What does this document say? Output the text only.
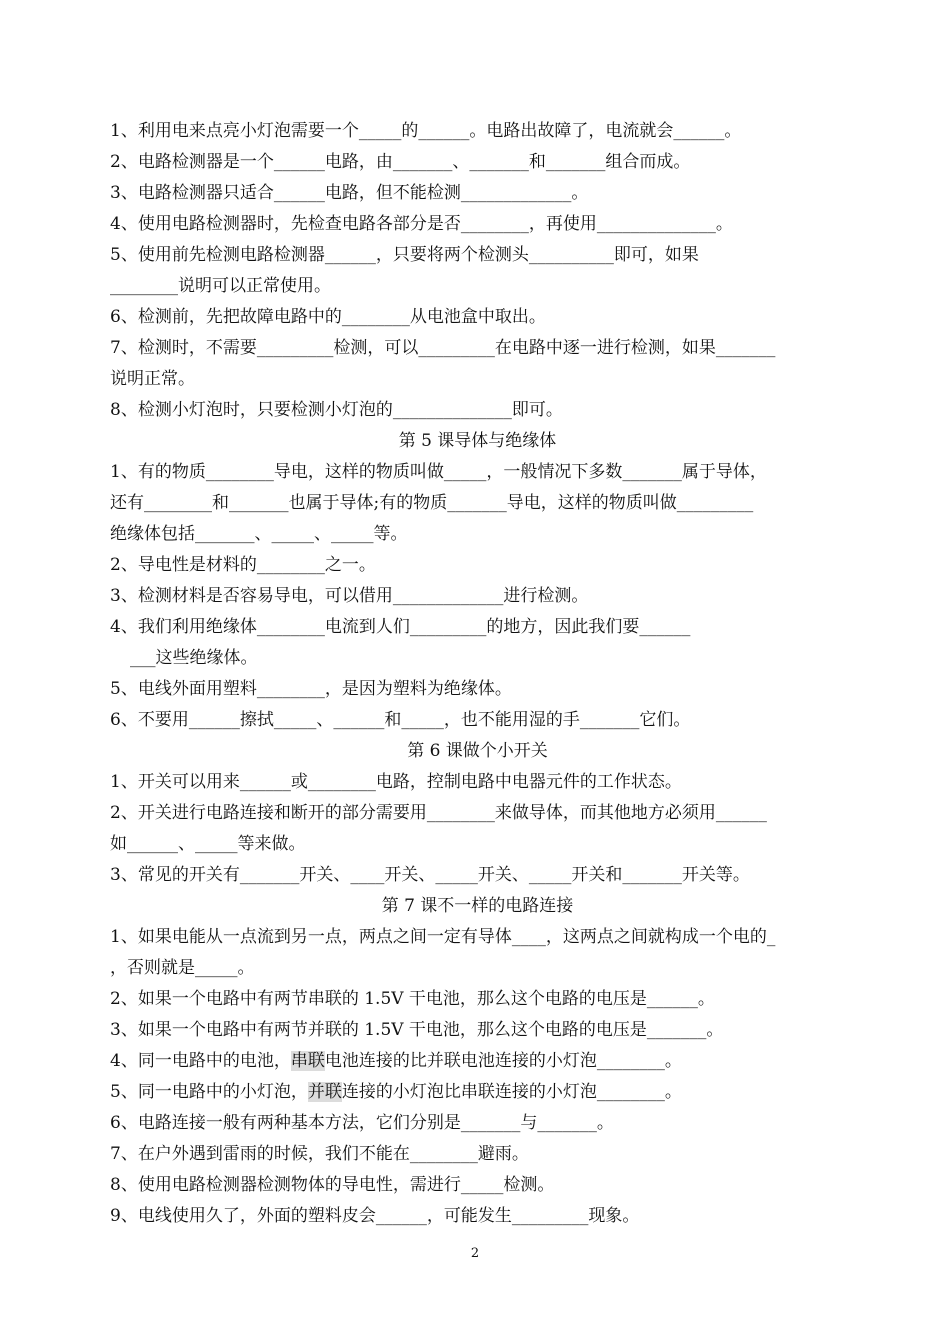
1、利用电来点亮小灯泡需要一个_____的______。电路出故障了，电流就会______。
2、电路检测器是一个______电路，由_______、_______和_______组合而成。
3、电路检测器只适合______电路，但不能检测_____________。
4、使用电路检测器时，先检查电路各部分是否________，再使用______________。
5、使用前先检测电路检测器______，只要将两个检测头__________即可，如果
________说明可以正常使用。
6、检测前，先把故障电路中的________从电池盒中取出。
7、检测时，不需要_________检测，可以_________在电路中逐一进行检测，如果_______
说明正常。
8、检测小灯泡时，只要检测小灯泡的______________即可。
第 5 课导体与绝缘体
1、有的物质________导电，这样的物质叫做_____，一般情况下多数_______属于导体，
还有________和_______也属于导体;有的物质_______导电，这样的物质叫做_________
绝缘体包括_______、_____、_____等。
2、导电性是材料的________之一。
3、检测材料是否容易导电，可以借用_____________进行检测。
4、我们利用绝缘体________电流到人们_________的地方，因此我们要______
___这些绝缘体。
5、电线外面用塑料________，是因为塑料为绝缘体。
6、不要用______擦拭_____、______和_____，也不能用湿的手_______它们。
第 6 课做个小开关
1、开关可以用来______或________电路，控制电路中电器元件的工作状态。
2、开关进行电路连接和断开的部分需要用________来做导体，而其他地方必须用______
如______、_____等来做。
3、常见的开关有_______开关、____开关、_____开关、_____开关和_______开关等。
第 7 课不一样的电路连接
1、如果电能从一点流到另一点，两点之间一定有导体____，这两点之间就构成一个电的_
，否则就是_____。
2、如果一个电路中有两节串联的 1.5V 干电池，那么这个电路的电压是______。
3、如果一个电路中有两节并联的 1.5V 干电池，那么这个电路的电压是_______。
4、同一电路中的电池，串联电池连接的比并联电池连接的小灯泡________。
5、同一电路中的小灯泡，并联连接的小灯泡比串联连接的小灯泡________。
6、电路连接一般有两种基本方法，它们分别是_______与_______。
7、在户外遇到雷雨的时候，我们不能在________避雨。
8、使用电路检测器检测物体的导电性，需进行_____检测。
9、电线使用久了，外面的塑料皮会______，可能发生_________现象。
2
